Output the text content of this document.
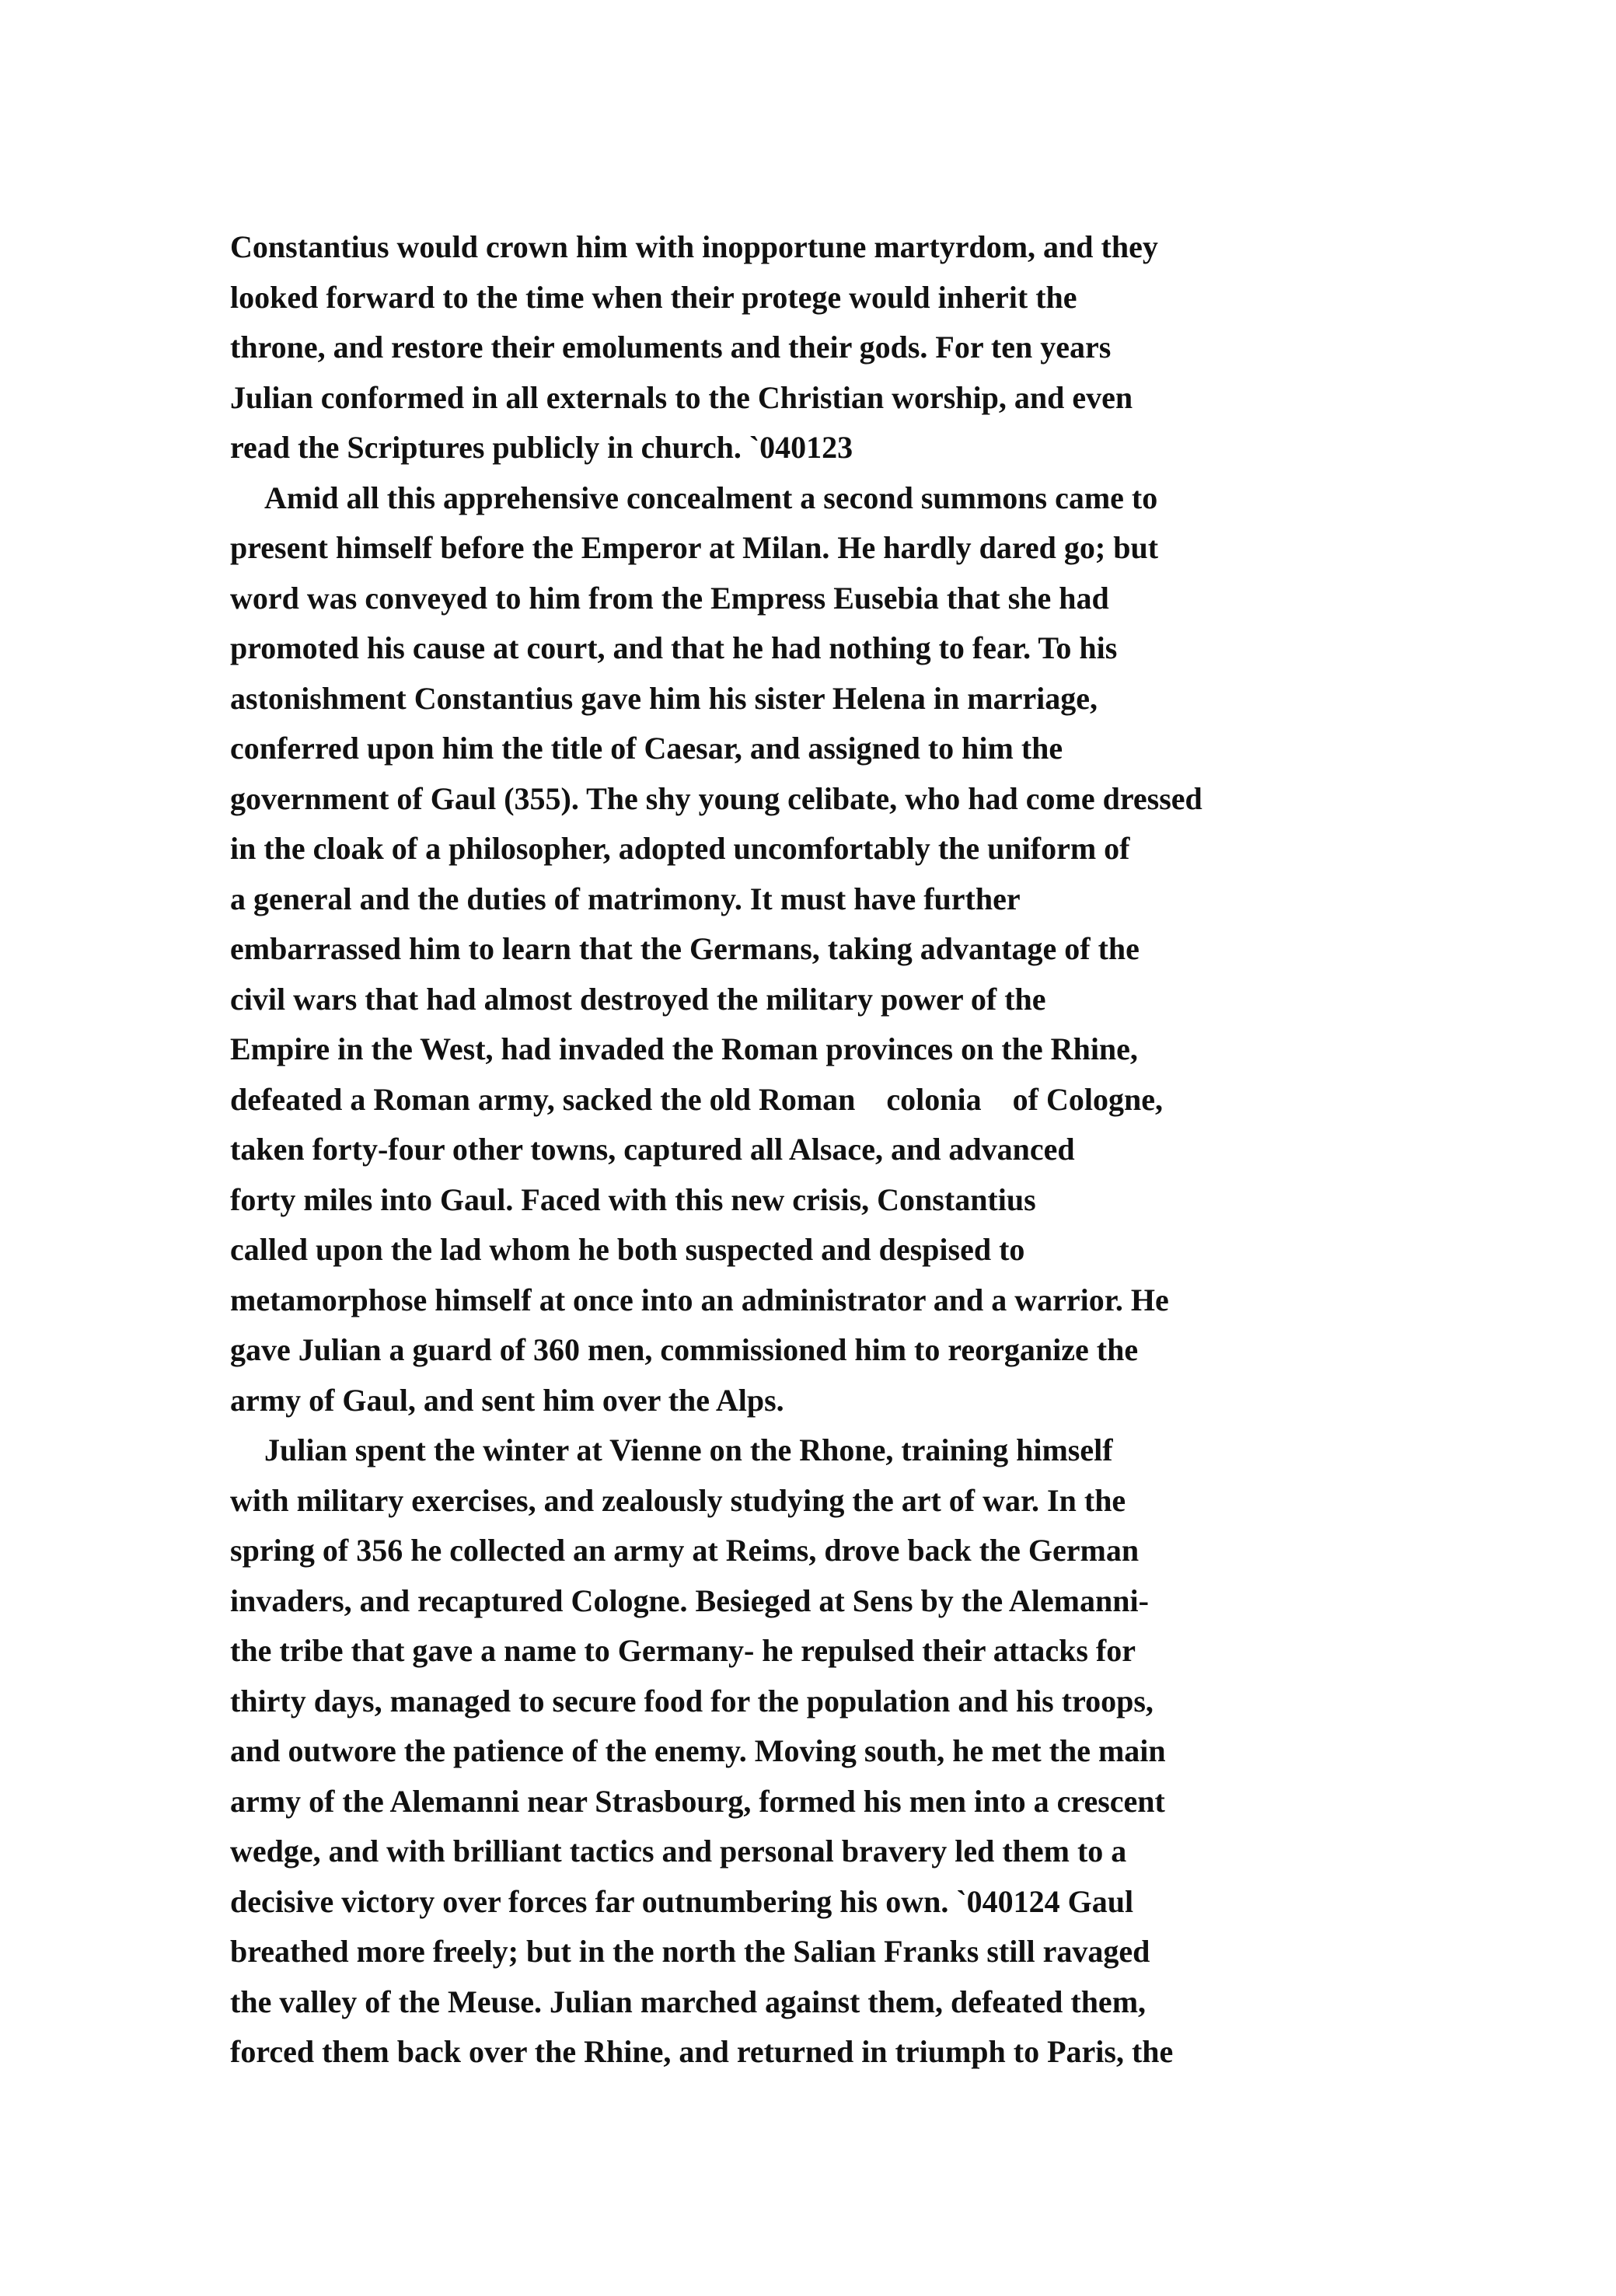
Constantius would crown him with inopportune martyrdom, and they
looked forward to the time when their protege would inherit the
throne, and restore their emoluments and their gods. For ten years
Julian conformed in all externals to the Christian worship, and even
read the Scriptures publicly in church. `040123
Amid all this apprehensive concealment a second summons came to
present himself before the Emperor at Milan. He hardly dared go; but
word was conveyed to him from the Empress Eusebia that she had
promoted his cause at court, and that he had nothing to fear. To his
astonishment Constantius gave him his sister Helena in marriage,
conferred upon him the title of Caesar, and assigned to him the
government of Gaul (355). The shy young celibate, who had come dressed
in the cloak of a philosopher, adopted uncomfortably the uniform of
a general and the duties of matrimony. It must have further
embarrassed him to learn that the Germans, taking advantage of the
civil wars that had almost destroyed the military power of the
Empire in the West, had invaded the Roman provinces on the Rhine,
defeated a Roman army, sacked the old Roman    colonia    of Cologne,
taken forty-four other towns, captured all Alsace, and advanced
forty miles into Gaul. Faced with this new crisis, Constantius
called upon the lad whom he both suspected and despised to
metamorphose himself at once into an administrator and a warrior. He
gave Julian a guard of 360 men, commissioned him to reorganize the
army of Gaul, and sent him over the Alps.
Julian spent the winter at Vienne on the Rhone, training himself
with military exercises, and zealously studying the art of war. In the
spring of 356 he collected an army at Reims, drove back the German
invaders, and recaptured Cologne. Besieged at Sens by the Alemanni-
the tribe that gave a name to Germany- he repulsed their attacks for
thirty days, managed to secure food for the population and his troops,
and outwore the patience of the enemy. Moving south, he met the main
army of the Alemanni near Strasbourg, formed his men into a crescent
wedge, and with brilliant tactics and personal bravery led them to a
decisive victory over forces far outnumbering his own. `040124 Gaul
breathed more freely; but in the north the Salian Franks still ravaged
the valley of the Meuse. Julian marched against them, defeated them,
forced them back over the Rhine, and returned in triumph to Paris, the
